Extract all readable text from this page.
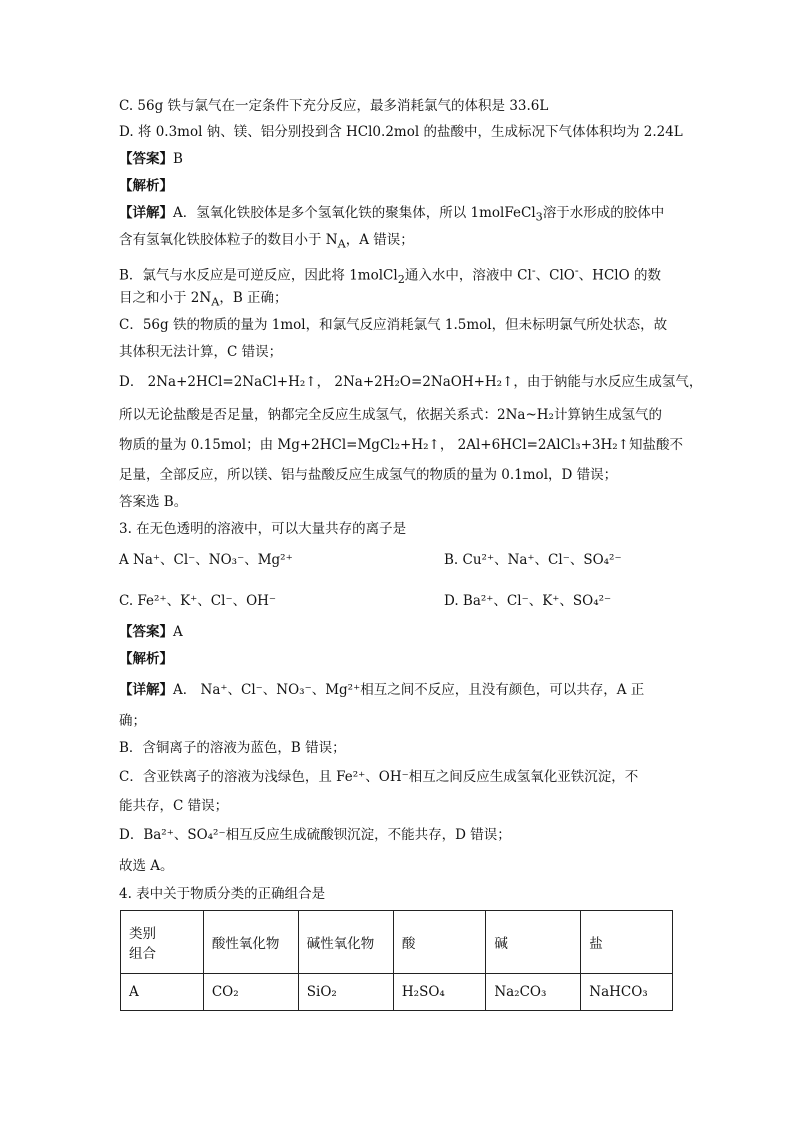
C. 56g 铁与氯气在一定条件下充分反应，最多消耗氯气的体积是 33.6L
D. 将 0.3mol 钠、镁、铝分别投到含 HCl0.2mol 的盐酸中，生成标况下气体体积均为 2.24L
【答案】B
【解析】
【详解】A．氢氧化铁胶体是多个氢氧化铁的聚集体，所以 1molFeCl$_3$溶于水形成的胶体中
含有氢氧化铁胶体粒子的数目小于 $N_A$，A 错误；
B．氯气与水反应是可逆反应，因此将 1molCl$_2$通入水中，溶液中 Cl-、ClO-、HClO 的数
目之和小于 $2N_A$，B 正确；
C．56g 铁的物质的量为 1mol，和氯气反应消耗氯气 1.5mol，但未标明氯气所处状态，故
其体积无法计算，C 错误；
D． 2Na+2HCl=2NaCl+H₂↑， 2Na+2H₂O=2NaOH+H₂↑，由于钠能与水反应生成氢气，
所以无论盐酸是否足量，钠都完全反应生成氢气，依据关系式：2Na~H₂计算钠生成氢气的
物质的量为 0.15mol；由 Mg+2HCl=MgCl₂+H₂↑， 2Al+6HCl=2AlCl₃+3H₂↑知盐酸不
足量，全部反应，所以镁、铝与盐酸反应生成氢气的物质的量为 0.1mol，D 错误；
答案选 B。
3. 在无色透明的溶液中，可以大量共存的离子是
A Na⁺、Cl⁻、NO₃⁻、Mg²⁺	B. Cu²⁺、Na⁺、Cl⁻、SO₄²⁻
C. Fe²⁺、K⁺、Cl⁻、OH⁻	D. Ba²⁺、Cl⁻、K⁺、SO₄²⁻
【答案】A
【解析】
【详解】A． Na⁺、Cl⁻、NO₃⁻、Mg²⁺相互之间不反应，且没有颜色，可以共存，A 正
确；
B．含铜离子的溶液为蓝色，B 错误；
C．含亚铁离子的溶液为浅绿色，且 Fe²⁺、OH⁻相互之间反应生成氢氧化亚铁沉淀，不
能共存，C 错误；
D．Ba²⁺、SO₄²⁻相互反应生成硫酸钡沉淀，不能共存，D 错误；
故选 A。
4. 表中关于物质分类的正确组合是
类别
组合	酸性氧化物	碱性氧化物	酸	碱	盐
A	CO₂	SiO₂	H₂SO₄	Na₂CO₃	NaHCO₃
